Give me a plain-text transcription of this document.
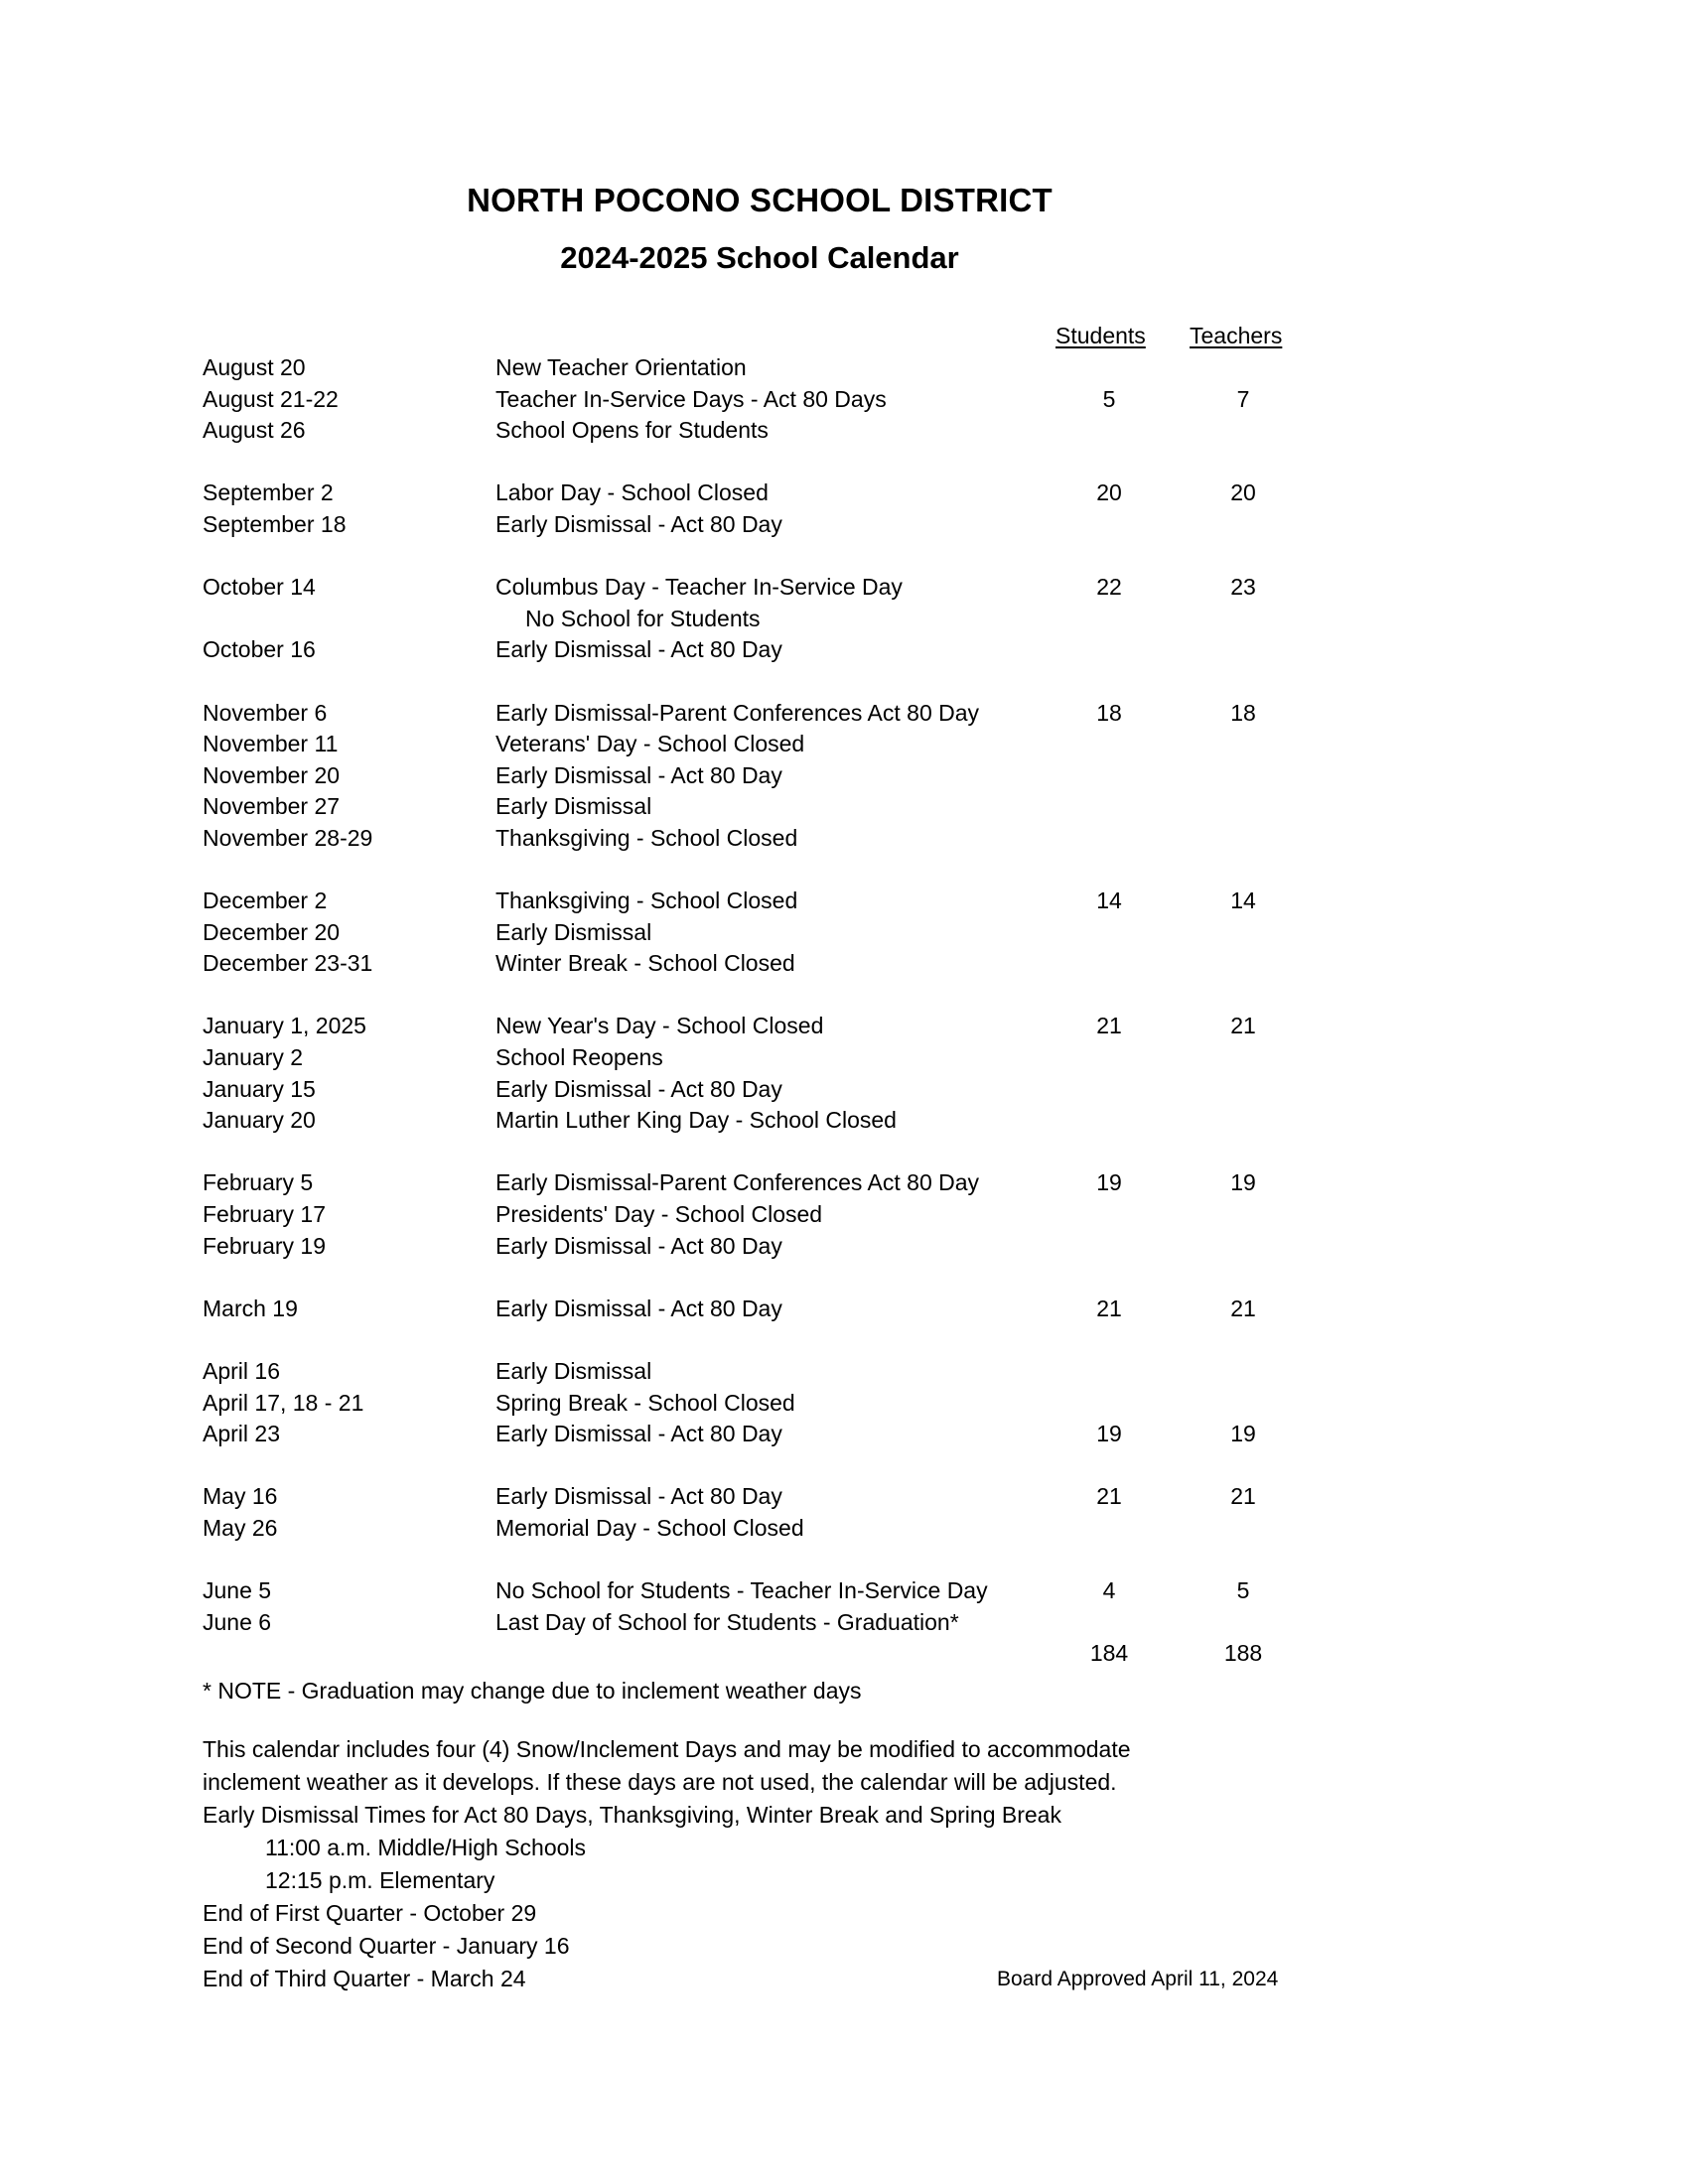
NORTH POCONO SCHOOL DISTRICT
2024-2025 School Calendar
Students Teachers
August 20	New Teacher Orientation
August 21-22	Teacher In-Service Days - Act 80 Days	5	7
August 26	School Opens for Students
September 2	Labor Day - School Closed	20	20
September 18	Early Dismissal - Act 80 Day
October 14	Columbus Day - Teacher In-Service Day	22	23
No School for Students
October 16	Early Dismissal - Act 80 Day
November 6	Early Dismissal-Parent Conferences Act 80 Day	18	18
November 11	Veterans' Day - School Closed
November 20	Early Dismissal - Act 80 Day
November 27	Early Dismissal
November 28-29	Thanksgiving - School Closed
December 2	Thanksgiving - School Closed	14	14
December 20	Early Dismissal
December 23-31	Winter Break - School Closed
January 1, 2025	New Year's Day - School Closed	21	21
January 2	School Reopens
January 15	Early Dismissal - Act 80 Day
January 20	Martin Luther King Day - School Closed
February 5	Early Dismissal-Parent Conferences Act 80 Day	19	19
February 17	Presidents' Day - School Closed
February 19	Early Dismissal - Act 80 Day
March 19	Early Dismissal - Act 80 Day	21	21
April 16	Early Dismissal
April 17, 18 - 21	Spring Break - School Closed
April 23	Early Dismissal - Act 80 Day	19	19
May 16	Early Dismissal - Act 80 Day	21	21
May 26	Memorial Day - School Closed
June 5	No School for Students - Teacher In-Service Day	4	5
June 6	Last Day of School for Students - Graduation*
184	188
* NOTE - Graduation may change due to inclement weather days
This calendar includes four (4) Snow/Inclement Days and may be modified to accommodate
inclement weather as it develops. If these days are not used, the calendar will be adjusted.
Early Dismissal Times for Act 80 Days, Thanksgiving, Winter Break and Spring Break
11:00 a.m. Middle/High Schools
12:15 p.m. Elementary
End of First Quarter - October 29
End of Second Quarter - January 16
End of Third Quarter - March 24	Board Approved April 11, 2024
